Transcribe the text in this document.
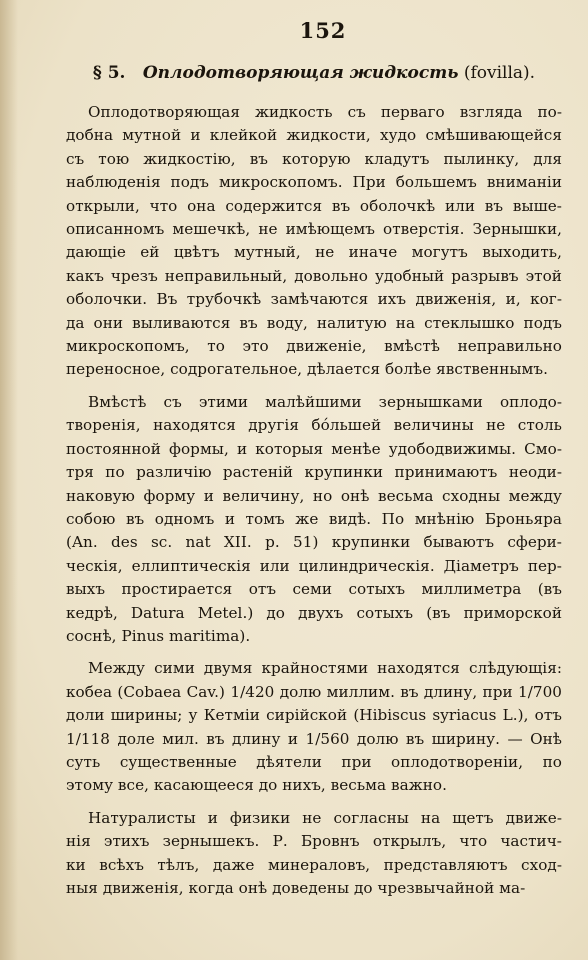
152
§ 5. Оплодотворяющая жидкость (fovilla).
Оплодотворяющая жидкость съ перваго взгляда по-
добна мутной и клейкой жидкости, худо смѣшивающейся
съ тою жидкостію, въ которую кладутъ пылинку, для
наблюденія подъ микроскопомъ. При большемъ вниманіи
открыли, что она содержится въ оболочкѣ или въ выше-
описанномъ мешечкѣ, не имѣющемъ отверстія. Зернышки,
дающіе ей цвѣтъ мутный, не иначе могутъ выходить,
какъ чрезъ неправильный, довольно удобный разрывъ этой
оболочки. Въ трубочкѣ замѣчаются ихъ движенія, и, ког-
да они выливаются въ воду, налитую на стеклышко подъ
микроскопомъ, то это движеніе, вмѣстѣ неправильно
переносное, содрогательное, дѣлается болѣе явственнымъ.
Вмѣстѣ съ этими малѣйшими зернышками оплодо-
творенія, находятся другія бо́льшей величины не столь
постоянной формы, и которыя менѣе удободвижимы. Смо-
тря по различію растеній крупинки принимаютъ неоди-
наковую форму и величину, но онѣ весьма сходны между
собою въ одномъ и томъ же видѣ. По мнѣнію Броньяра
(An. des sc. nat XII. p. 51) крупинки бываютъ сфери-
ческія, еллиптическія или цилиндрическія. Діаметръ пер-
выхъ простирается отъ семи сотыхъ миллиметра (въ
кедрѣ, Datura Metel.) до двухъ сотыхъ (въ приморской
соснѣ, Pinus maritima).
Между сими двумя крайностями находятся слѣдующія:
кобеа (Cobaea Cav.) 1/420 долю миллим. въ длину, при 1/700
доли ширины; у Кетміи сирійской (Hibiscus syriacus L.), отъ
1/118 доле мил. въ длину и 1/560 долю въ ширину. — Онѣ
суть существенные дѣятели при оплодотвореніи, по
этому все, касающееся до нихъ, весьма важно.
Натуралисты и физики не согласны на щетъ движе-
нія этихъ зернышекъ. Р. Бровнъ открылъ, что частич-
ки всѣхъ тѣлъ, даже минераловъ, представляютъ сход-
ныя движенія, когда онѣ доведены до чрезвычайной ма-
